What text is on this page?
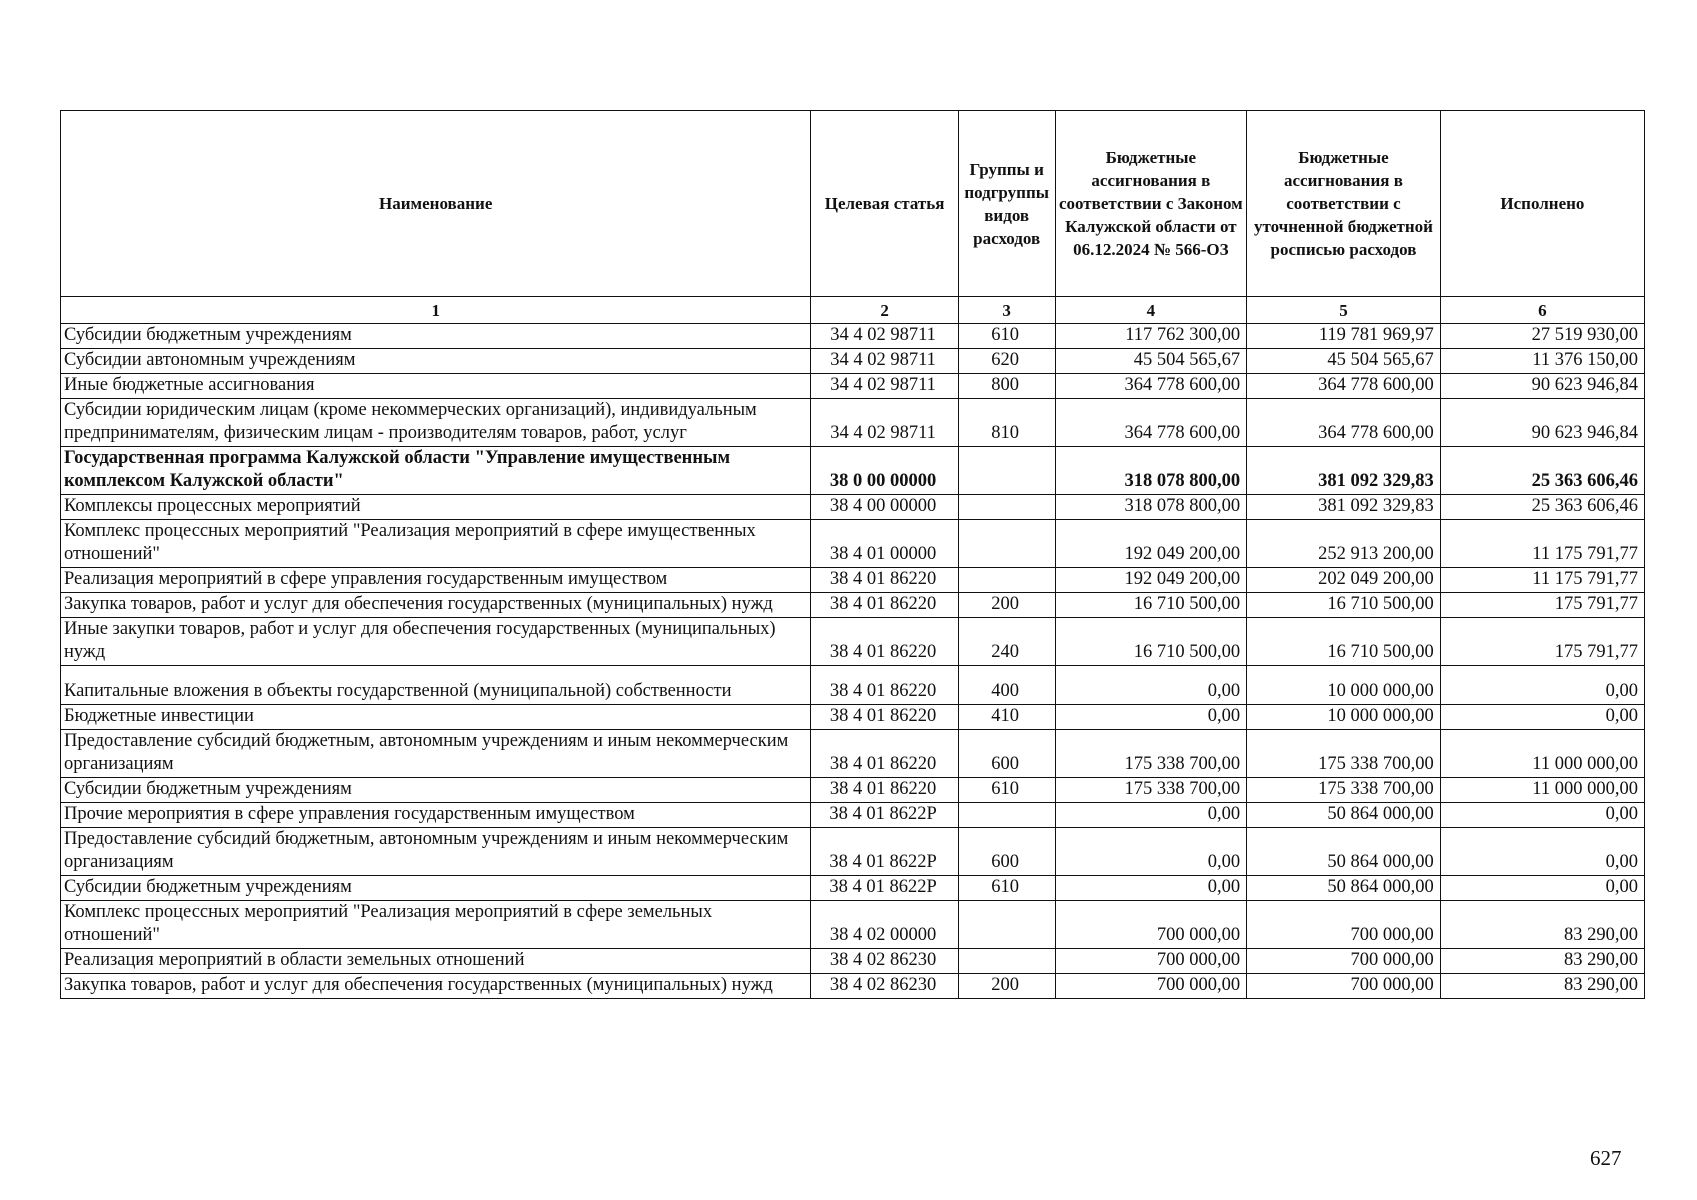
Наименование	Целевая статья	Группы и подгруппы видов расходов	Бюджетные ассигнования в соответствии с Законом Калужской области от 06.12.2024 № 566-ОЗ	Бюджетные ассигнования в соответствии с уточненной бюджетной росписью расходов	Исполнено
1	2	3	4	5	6
Субсидии бюджетным учреждениям	34 4 02 98711	610	117 762 300,00	119 781 969,97	27 519 930,00
Субсидии автономным учреждениям	34 4 02 98711	620	45 504 565,67	45 504 565,67	11 376 150,00
Иные бюджетные ассигнования	34 4 02 98711	800	364 778 600,00	364 778 600,00	90 623 946,84
Субсидии юридическим лицам (кроме некоммерческих организаций), индивидуальным предпринимателям, физическим лицам - производителям товаров, работ, услуг	34 4 02 98711	810	364 778 600,00	364 778 600,00	90 623 946,84
Государственная программа Калужской области "Управление имущественным комплексом Калужской области"	38 0 00 00000		318 078 800,00	381 092 329,83	25 363 606,46
Комплексы процессных мероприятий	38 4 00 00000		318 078 800,00	381 092 329,83	25 363 606,46
Комплекс процессных мероприятий "Реализация мероприятий в сфере имущественных отношений"	38 4 01 00000		192 049 200,00	252 913 200,00	11 175 791,77
Реализация мероприятий в сфере управления государственным имуществом	38 4 01 86220		192 049 200,00	202 049 200,00	11 175 791,77
Закупка товаров, работ и услуг для обеспечения государственных (муниципальных) нужд	38 4 01 86220	200	16 710 500,00	16 710 500,00	175 791,77
Иные закупки товаров, работ и услуг для обеспечения государственных (муниципальных) нужд	38 4 01 86220	240	16 710 500,00	16 710 500,00	175 791,77
Капитальные вложения в объекты государственной (муниципальной) собственности	38 4 01 86220	400	0,00	10 000 000,00	0,00
Бюджетные инвестиции	38 4 01 86220	410	0,00	10 000 000,00	0,00
Предоставление субсидий бюджетным, автономным учреждениям и иным некоммерческим организациям	38 4 01 86220	600	175 338 700,00	175 338 700,00	11 000 000,00
Субсидии бюджетным учреждениям	38 4 01 86220	610	175 338 700,00	175 338 700,00	11 000 000,00
Прочие мероприятия в сфере управления государственным имуществом	38 4 01 8622Р		0,00	50 864 000,00	0,00
Предоставление субсидий бюджетным, автономным учреждениям и иным некоммерческим организациям	38 4 01 8622Р	600	0,00	50 864 000,00	0,00
Субсидии бюджетным учреждениям	38 4 01 8622Р	610	0,00	50 864 000,00	0,00
Комплекс процессных мероприятий "Реализация мероприятий в сфере земельных отношений"	38 4 02 00000		700 000,00	700 000,00	83 290,00
Реализация мероприятий в области земельных отношений	38 4 02 86230		700 000,00	700 000,00	83 290,00
Закупка товаров, работ и услуг для обеспечения государственных (муниципальных) нужд	38 4 02 86230	200	700 000,00	700 000,00	83 290,00
627
